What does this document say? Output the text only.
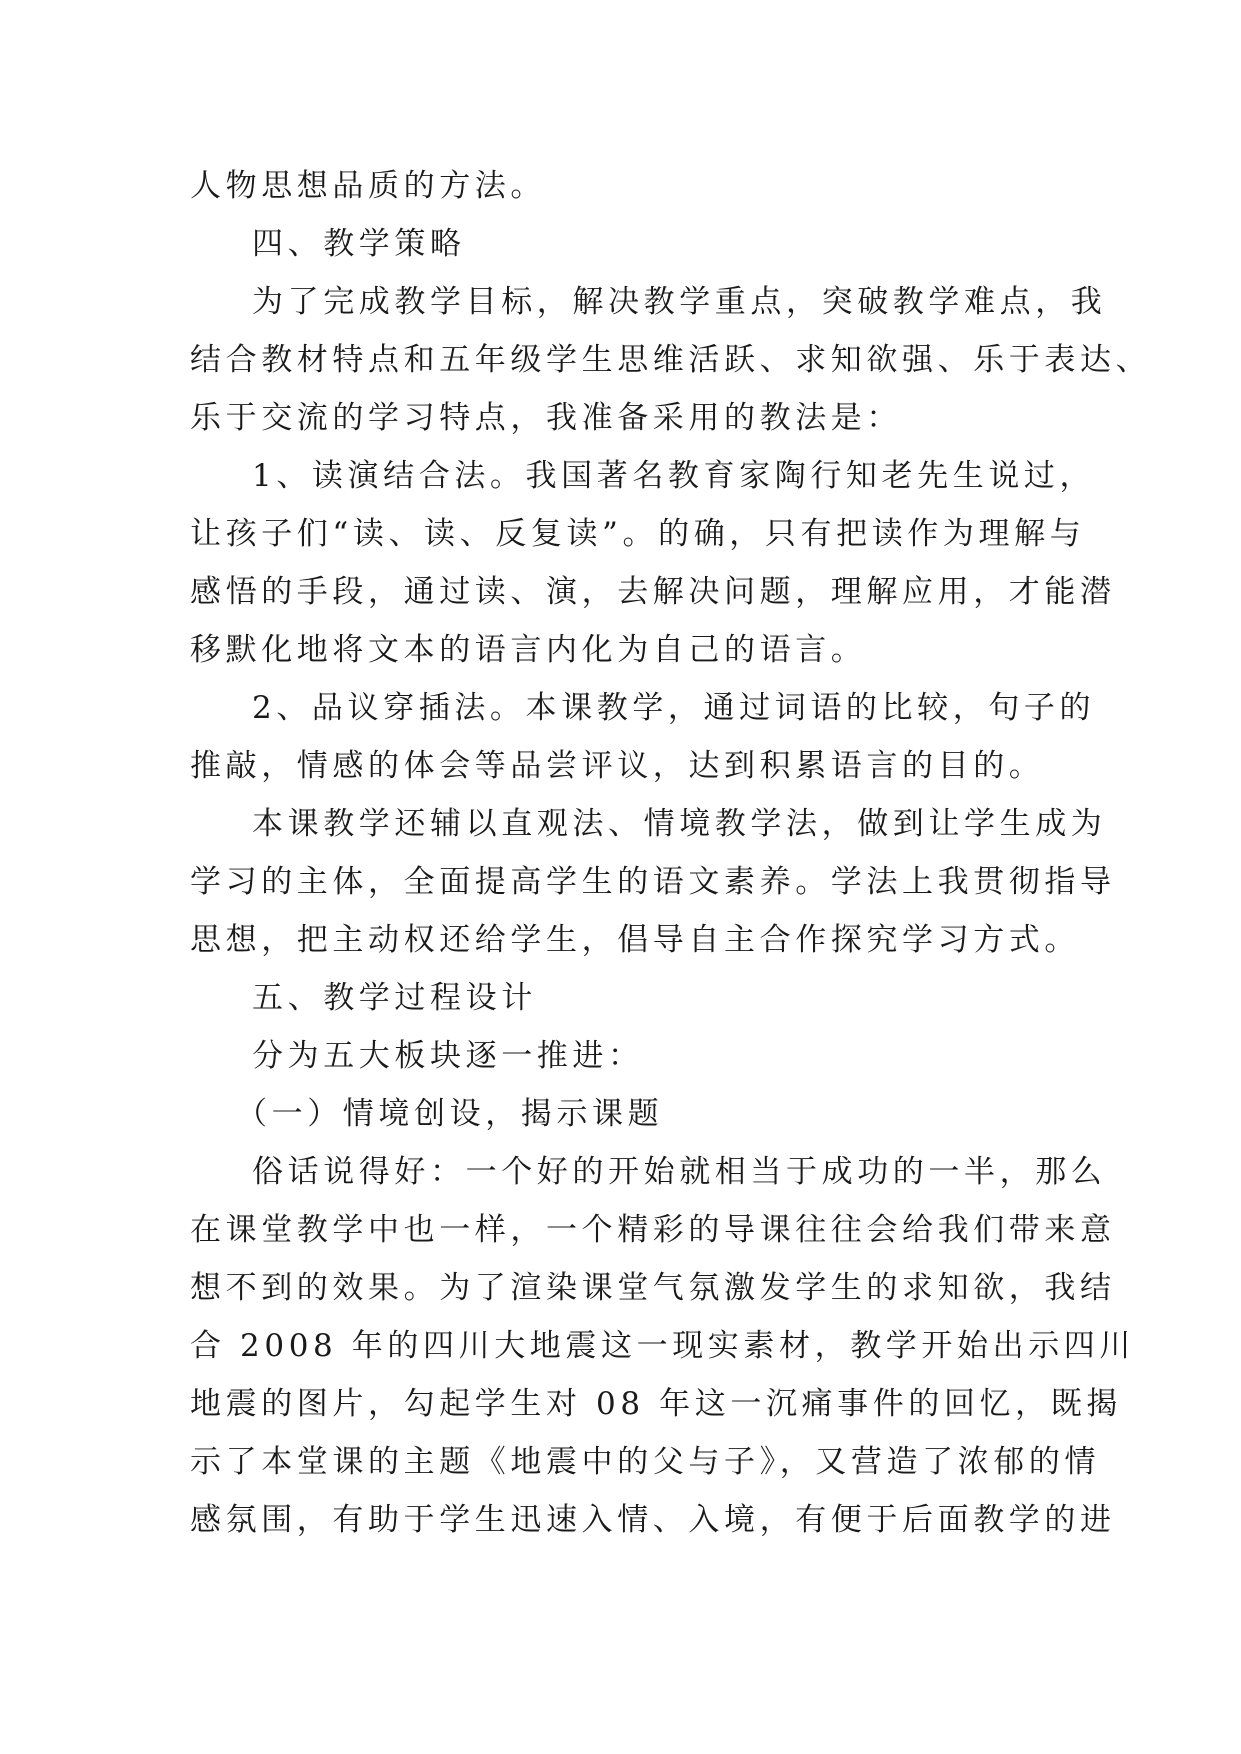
人物思想品质的方法。
四、教学策略
为了完成教学目标，解决教学重点，突破教学难点，我
结合教材特点和五年级学生思维活跃、求知欲强、乐于表达、
乐于交流的学习特点，我准备采用的教法是：
1、读演结合法。我国著名教育家陶行知老先生说过，
让孩子们“读、读、反复读”。的确，只有把读作为理解与
感悟的手段，通过读、演，去解决问题，理解应用，才能潜
移默化地将文本的语言内化为自己的语言。
2、品议穿插法。本课教学，通过词语的比较，句子的
推敲，情感的体会等品尝评议，达到积累语言的目的。
本课教学还辅以直观法、情境教学法，做到让学生成为
学习的主体，全面提高学生的语文素养。学法上我贯彻指导
思想，把主动权还给学生，倡导自主合作探究学习方式。
五、教学过程设计
分为五大板块逐一推进：
（一）情境创设，揭示课题
俗话说得好：一个好的开始就相当于成功的一半，那么
在课堂教学中也一样，一个精彩的导课往往会给我们带来意
想不到的效果。为了渲染课堂气氛激发学生的求知欲，我结
合 2008 年的四川大地震这一现实素材，教学开始出示四川
地震的图片，勾起学生对 08 年这一沉痛事件的回忆，既揭
示了本堂课的主题《地震中的父与子》，又营造了浓郁的情
感氛围，有助于学生迅速入情、入境，有便于后面教学的进
